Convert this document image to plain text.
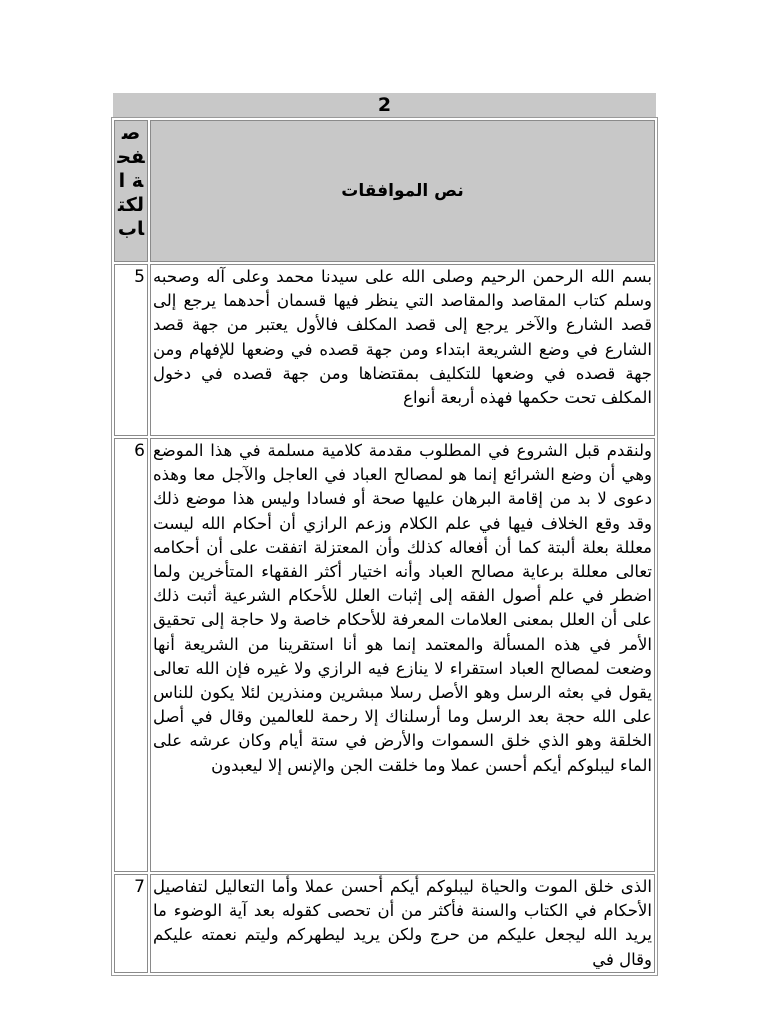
2
صفحة الكتاب	نص الموافقات
5	بسم الله الرحمن الرحيم وصلى الله على سيدنا محمد وعلى آله وصحبه وسلم كتاب المقاصد والمقاصد التي ينظر فيها قسمان أحدهما يرجع إلى قصد الشارع والآخر يرجع إلى قصد المكلف فالأول يعتبر من جهة قصد الشارع في وضع الشريعة ابتداء ومن جهة قصده في وضعها للإفهام ومن جهة قصده في وضعها للتكليف بمقتضاها ومن جهة قصده في دخول المكلف تحت حكمها فهذه أربعة أنواع
6	ولنقدم قبل الشروع في المطلوب مقدمة كلامية مسلمة في هذا الموضع وهي أن وضع الشرائع إنما هو لمصالح العباد في العاجل والآجل معا وهذه دعوى لا بد من إقامة البرهان عليها صحة أو فسادا وليس هذا موضع ذلك وقد وقع الخلاف فيها في علم الكلام وزعم الرازي أن أحكام الله ليست معللة بعلة ألبتة كما أن أفعاله كذلك وأن المعتزلة اتفقت على أن أحكامه تعالى معللة برعاية مصالح العباد وأنه اختيار أكثر الفقهاء المتأخرين ولما اضطر في علم أصول الفقه إلى إثبات العلل للأحكام الشرعية أثبت ذلك على أن العلل بمعنى العلامات المعرفة للأحكام خاصة ولا حاجة إلى تحقيق الأمر في هذه المسألة والمعتمد إنما هو أنا استقرينا من الشريعة أنها وضعت لمصالح العباد استقراء لا ينازع فيه الرازي ولا غيره فإن الله تعالى يقول في بعثه الرسل وهو الأصل رسلا مبشرين ومنذرين لئلا يكون للناس على الله حجة بعد الرسل وما أرسلناك إلا رحمة للعالمين وقال في أصل الخلقة وهو الذي خلق السموات والأرض في ستة أيام وكان عرشه على الماء ليبلوكم أيكم أحسن عملا وما خلقت الجن والإنس إلا ليعبدون
7	الذى خلق الموت والحياة ليبلوكم أيكم أحسن عملا وأما التعاليل لتفاصيل الأحكام في الكتاب والسنة فأكثر من أن تحصى كقوله بعد آية الوضوء ما يريد الله ليجعل عليكم من حرج ولكن يريد ليطهركم وليتم نعمته عليكم وقال في
